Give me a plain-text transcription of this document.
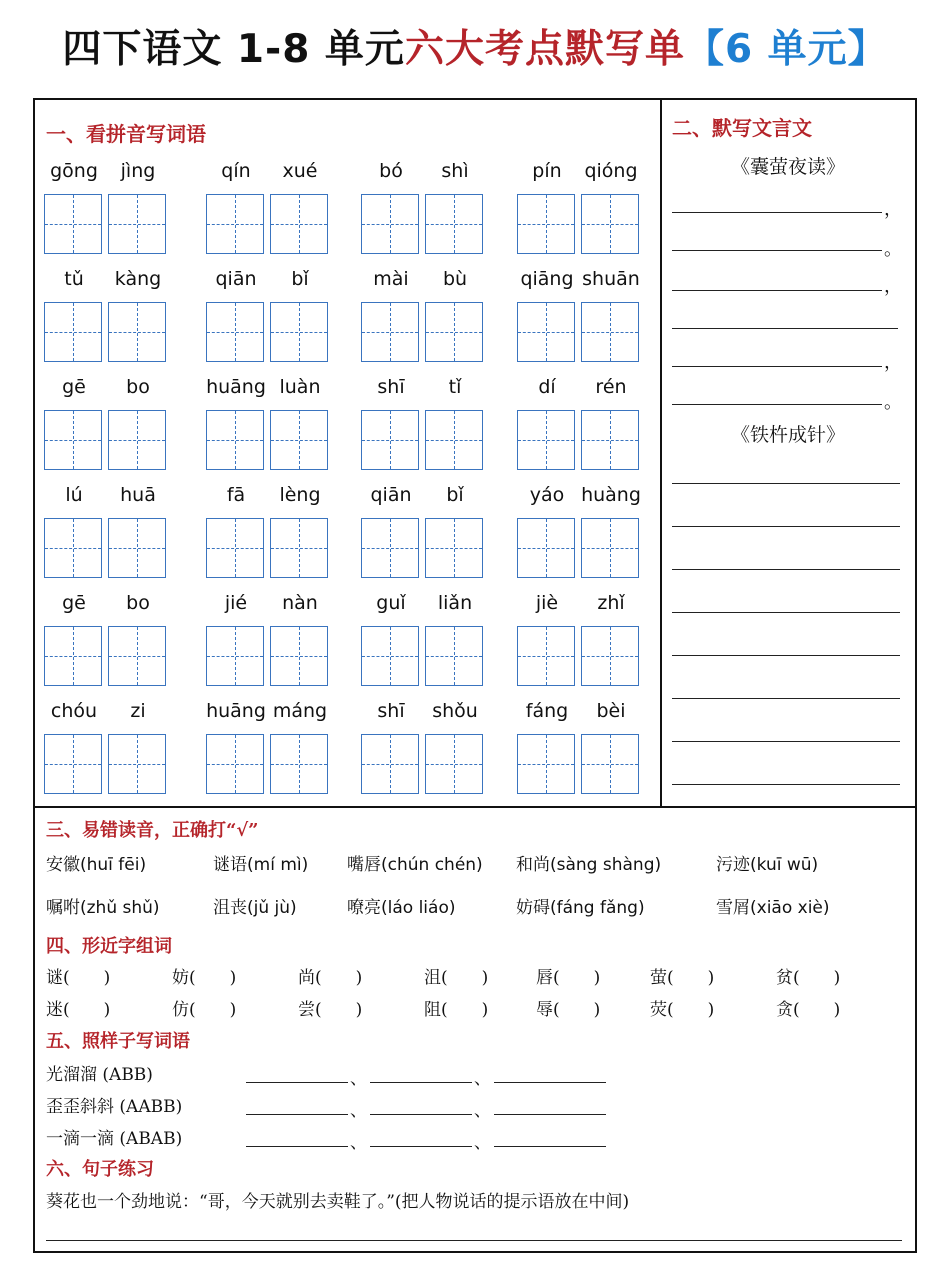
四下语文 1-8 单元六大考点默写单【6 单元】
一、看拼音写词语
gōng	jìng	qín	xué	bó	shì	pín	qióng
tǔ	kàng	qiān	bǐ	mài	bù	qiāng shuān
gē	bo	huāng luàn	shī	tǐ	dí	rén
lú	huā	fā	lèng	qiān	bǐ	yáo huàng
gē	bo	jié	nàn	guǐ	liǎn	jiè	zhǐ
chóu	zi	huāng máng	shī	shǒu	fáng	bèi
二、默写文言文
《囊萤夜读》
，
。
，
，
。
《铁杵成针》
三、易错读音，正确打“√”
安徽(huī fēi)	谜语(mí mì) 嘴唇(chún chén) 和尚(sàng shàng)	污迹(kuī wū)
嘱咐(zhǔ shǔ)	沮丧(jǔ jù)	嘹亮(láo liáo)	妨碍(fáng fǎng)	雪屑(xiāo xiè)
四、形近字组词
谜(　　)	妨(　　)	尚(　　)	沮(　　)	唇(　　)	萤(　　)	贫(　　)
迷(　　)	仿(　　)	尝(　　)	阻(　　)	辱(　　)	荧(　　)	贪(　　)
五、照样子写词语
光溜溜 (ABB)	、	、
歪歪斜斜 (AABB)	、	、
一滴一滴 (ABAB)	、	、
六、句子练习
葵花也一个劲地说：“哥，今天就别去卖鞋了。”(把人物说话的提示语放在中间)
